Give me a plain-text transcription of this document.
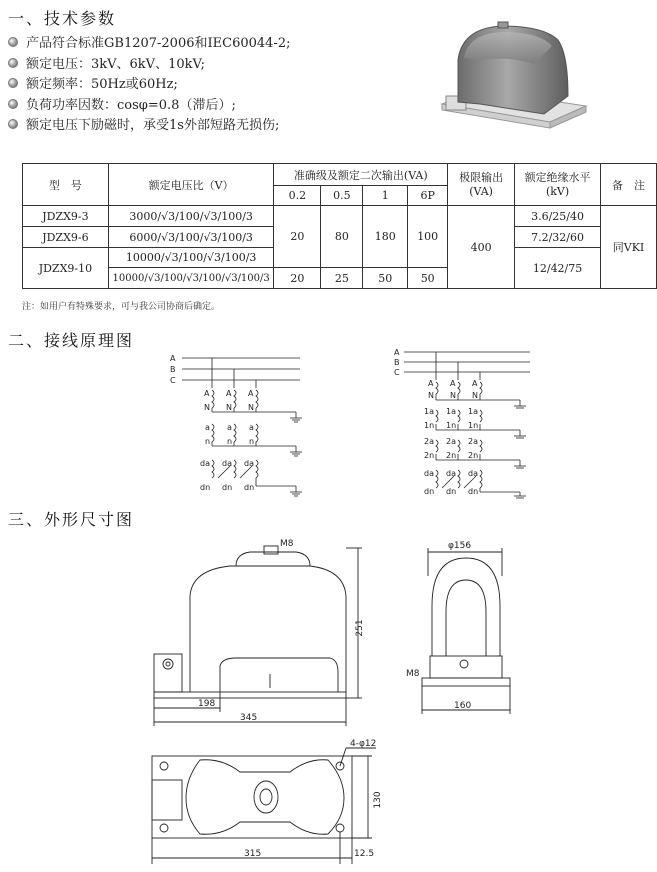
一、技术参数
二、接线原理图
三、外形尺寸图
产品符合标准GB1207-2006和IEC60044-2;
额定电压：3kV、6kV、10kV;
额定频率：50Hz或60Hz;
负荷功率因数：cosφ=0.8（滞后）;
额定电压下励磁时，承受1s外部短路无损伤;
型　号	额定电压比（V）	准确级及额定二次输出(VA)				极限输出(VA)	额定绝缘水平(kV)	备　注
		0.2	0.5	1	6P			
JDZX9-3	3000/√3/100/√3/100/3	20	80	180	100	400	3.6/25/40	同VKI
JDZX9-6	6000/√3/100/√3/100/3						7.2/32/60	
JDZX9-10	10000/√3/100/√3/100/3						12/42/75	
	10000/√3/100/√3/100/√3/100/3	20	25	50	50			
注：如用户有特殊要求，可与我公司协商后确定。
A
B
C
A A A
N N N
a a a
n n n
da da da
dn dn dn
A
B
C
A A A
N N N
1a 1a 1a
1n 1n 1n
2a 2a 2a
2n 2n 2n
da da da
dn dn dn
M8
251
198
345
φ156
M8
160
4-φ12
130
315	12.5
